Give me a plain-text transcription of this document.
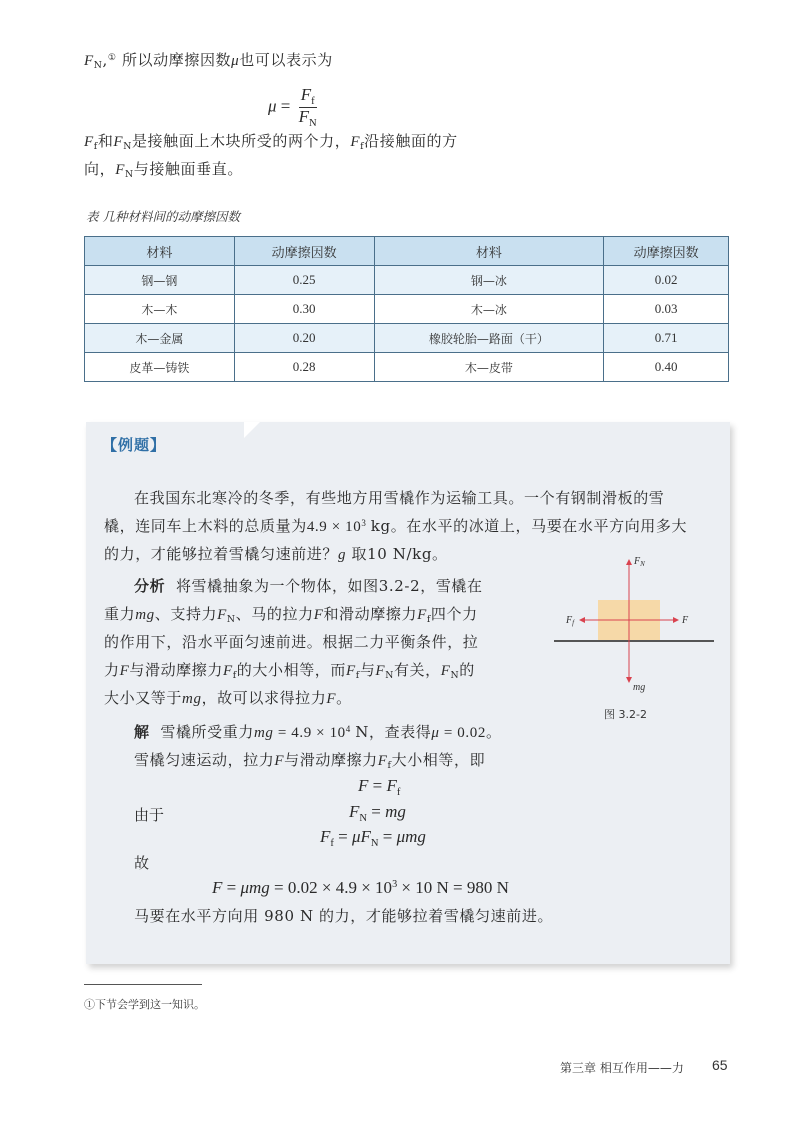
$F_N,^①$ 所以动摩擦因数μ也可以表示为
$\mu = \frac{F_f}{F_N}$
$F_f$和$F_N$是接触面上木块所受的两个力，$F_f$沿接触面的方
向，$F_N$与接触面垂直。
表 几种材料间的动摩擦因数
材料	动摩擦因数	材料	动摩擦因数
钢—钢	0.25	钢—冰	0.02
木—木	0.30	木—冰	0.03
木—金属	0.20	橡胶轮胎—路面（干）	0.71
皮革—铸铁	0.28	木—皮带	0.40
【例题】
在我国东北寒冷的冬季，有些地方用雪橇作为运输工具。一个有钢制滑板的雪
橇，连同车上木料的总质量为$4.9 \times 10^3$ kg。在水平的冰道上，马要在水平方向用多大
的力，才能够拉着雪橇匀速前进？g 取10 N/kg。
分析 将雪橇抽象为一个物体，如图3.2-2，雪橇在
重力mg、支持力$F_N$、马的拉力F和滑动摩擦力$F_f$四个力
的作用下，沿水平面匀速前进。根据二力平衡条件，拉
力F与滑动摩擦力$F_f$的大小相等，而$F_f$与$F_N$有关，$F_N$的
大小又等于mg，故可以求得拉力F。
$F_N$
$F_f$	F
mg
图 3.2-2
解 雪橇所受重力mg = $4.9 \times 10^4$ N，查表得μ = 0.02。
雪橇匀速运动，拉力F与滑动摩擦力$F_f$大小相等，即
$F = F_f$
由于	$F_N$ = mg
$F_f = \mu F_N = \mu mg$
故
$F = \mu mg = 0.02 \times 4.9 \times 10^3 \times 10$ N = 980 N
马要在水平方向用 980 N 的力，才能够拉着雪橇匀速前进。
①下节会学到这一知识。
第三章 相互作用——力 65
